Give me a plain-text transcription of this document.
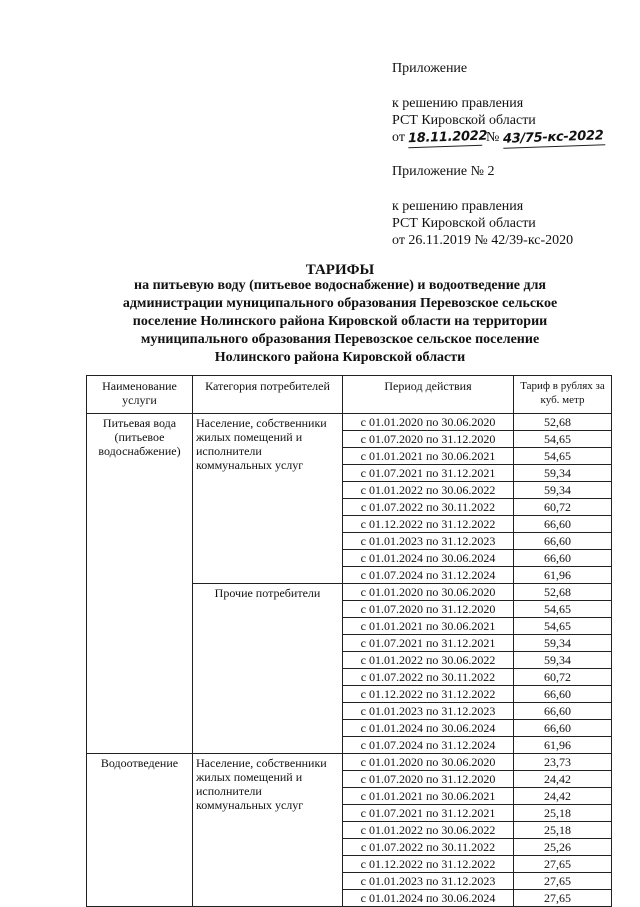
Приложение
к решению правления
РСТ Кировской области
от 18.11.2022 № 43/75-кс-2022
Приложение № 2
к решению правления
РСТ Кировской области
от 26.11.2019 № 42/39-кс-2020
ТАРИФЫ
на питьевую воду (питьевое водоснабжение) и водоотведение для
администрации муниципального образования Перевозское сельское
поселение Нолинского района Кировской области на территории
муниципального образования Перевозское сельское поселение
Нолинского района Кировской области
Наименование услуги	Категория потребителей	Период действия	Тариф в рублях за куб. метр
Питьевая вода (питьевое водоснабжение)	Население, собственники жилых помещений и исполнители коммунальных услуг	с 01.01.2020 по 30.06.2020	52,68
		с 01.07.2020 по 31.12.2020	54,65
		с 01.01.2021 по 30.06.2021	54,65
		с 01.07.2021 по 31.12.2021	59,34
		с 01.01.2022 по 30.06.2022	59,34
		с 01.07.2022 по 30.11.2022	60,72
		с 01.12.2022 по 31.12.2022	66,60
		с 01.01.2023 по 31.12.2023	66,60
		с 01.01.2024 по 30.06.2024	66,60
		с 01.07.2024 по 31.12.2024	61,96
	Прочие потребители	с 01.01.2020 по 30.06.2020	52,68
		с 01.07.2020 по 31.12.2020	54,65
		с 01.01.2021 по 30.06.2021	54,65
		с 01.07.2021 по 31.12.2021	59,34
		с 01.01.2022 по 30.06.2022	59,34
		с 01.07.2022 по 30.11.2022	60,72
		с 01.12.2022 по 31.12.2022	66,60
		с 01.01.2023 по 31.12.2023	66,60
		с 01.01.2024 по 30.06.2024	66,60
		с 01.07.2024 по 31.12.2024	61,96
Водоотведение	Население, собственники жилых помещений и исполнители коммунальных услуг	с 01.01.2020 по 30.06.2020	23,73
		с 01.07.2020 по 31.12.2020	24,42
		с 01.01.2021 по 30.06.2021	24,42
		с 01.07.2021 по 31.12.2021	25,18
		с 01.01.2022 по 30.06.2022	25,18
		с 01.07.2022 по 30.11.2022	25,26
		с 01.12.2022 по 31.12.2022	27,65
		с 01.01.2023 по 31.12.2023	27,65
		с 01.01.2024 по 30.06.2024	27,65
